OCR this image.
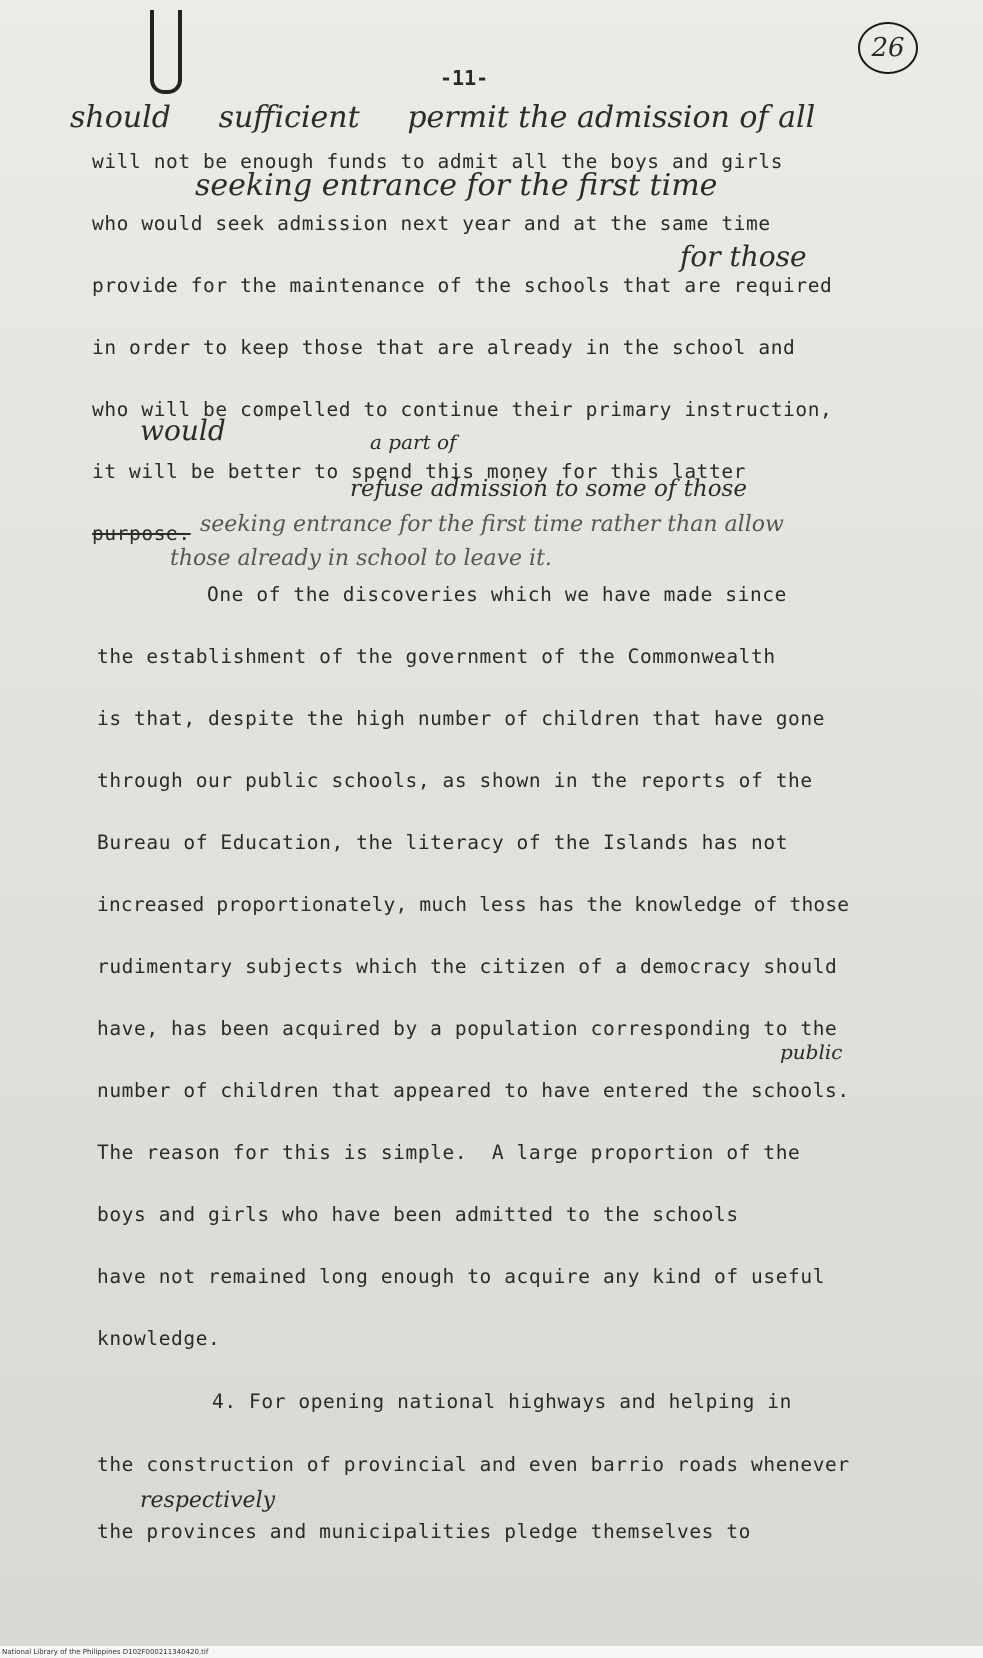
-11-
26
should     sufficient     permit the admission of all
seeking entrance for the first time
for those
would	a part of
refuse admission to some of those
seeking entrance for the first time rather than allow
those already in school to leave it.
public
respectively
will not be enough funds to admit all the boys and girls
who would seek admission next year and at the same time
provide for the maintenance of the schools that are required
in order to keep those that are already in the school and
who will be compelled to continue their primary instruction,
it will be better to spend this money for this latter
purpose.
One of the discoveries which we have made since
the establishment of the government of the Commonwealth
is that, despite the high number of children that have gone
through our public schools, as shown in the reports of the
Bureau of Education, the literacy of the Islands has not
increased proportionately, much less has the knowledge of those
rudimentary subjects which the citizen of a democracy should
have, has been acquired by a population corresponding to the
number of children that appeared to have entered the schools.
The reason for this is simple.  A large proportion of the
boys and girls who have been admitted to the schools
have not remained long enough to acquire any kind of useful
knowledge.
4. For opening national highways and helping in
the construction of provincial and even barrio roads whenever
the provinces and municipalities pledge themselves to
National Library of the Philippines D102F000211340420.tif
